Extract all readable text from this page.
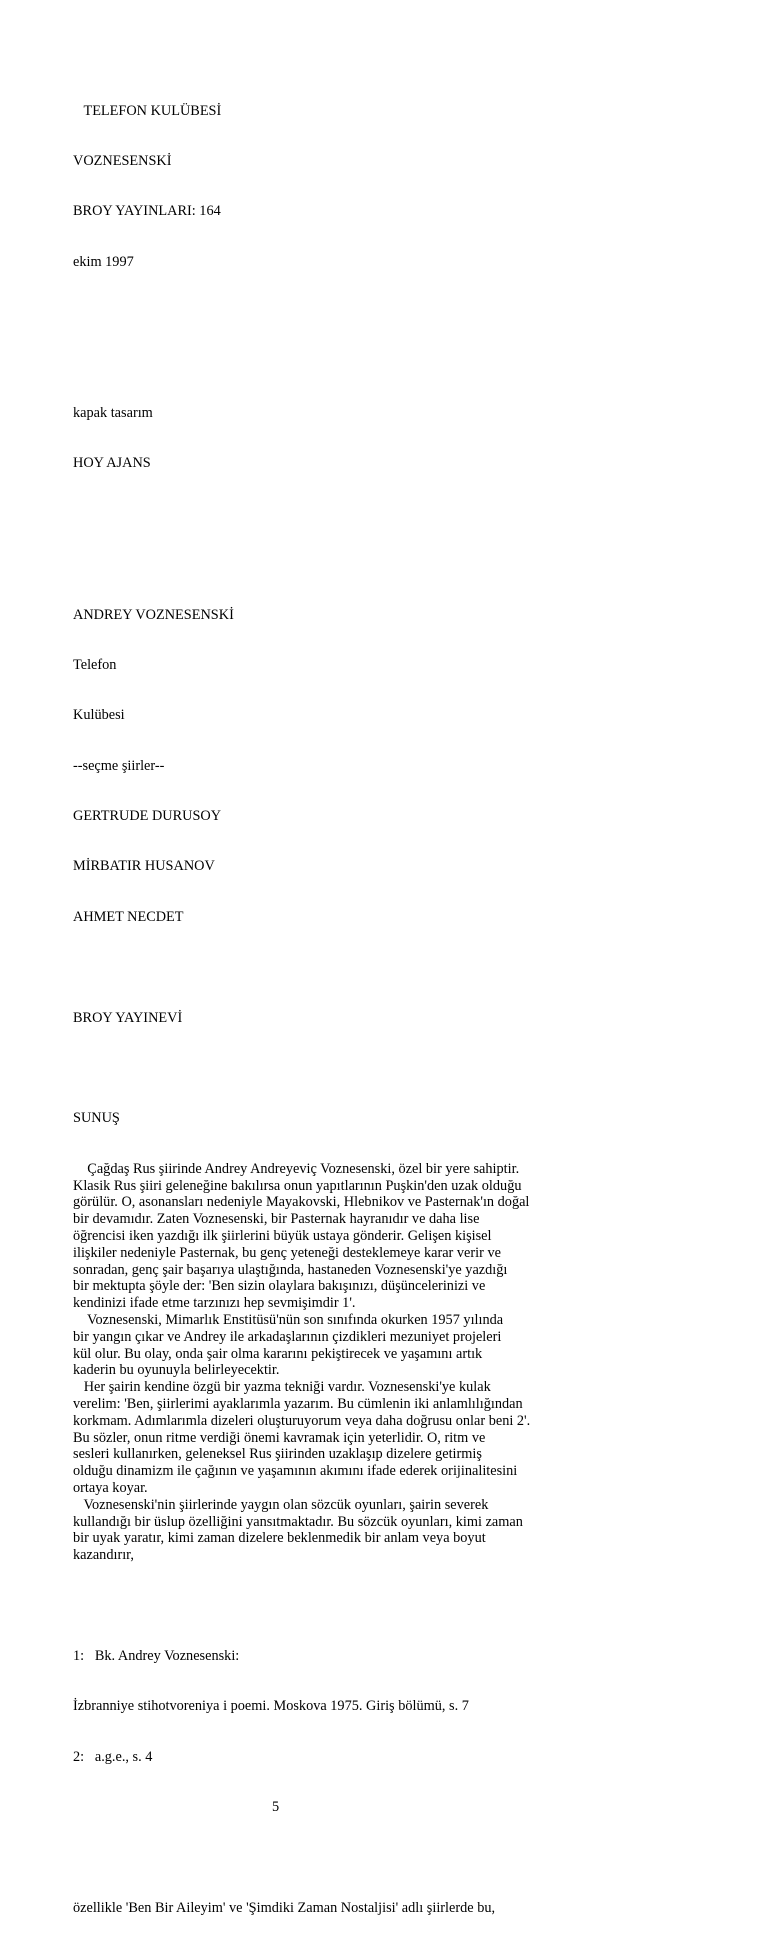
TELEFON KULÜBESİ

VOZNESENSKİ

BROY YAYINLARI: 164

ekim 1997

kapak tasarım

HOY AJANS

ANDREY VOZNESENSKİ

Telefon

Kulübesi

--seçme şiirler--

GERTRUDE DURUSOY

MİRBATIR HUSANOV

AHMET NECDET

BROY YAYINEVİ

SUNUŞ

Çağdaş Rus şiirinde Andrey Andreyeviç Voznesenski, özel bir yere sahiptir.
Klasik Rus şiiri geleneğine bakılırsa onun yapıtlarının Puşkin'den uzak olduğu
görülür. O, asonansları nedeniyle Mayakovski, Hlebnikov ve Pasternak'ın doğal
bir devamıdır. Zaten Voznesenski, bir Pasternak hayranıdır ve daha lise
öğrencisi iken yazdığı ilk şiirlerini büyük ustaya gönderir. Gelişen kişisel
ilişkiler nedeniyle Pasternak, bu genç yeteneği desteklemeye karar verir ve
sonradan, genç şair başarıya ulaştığında, hastaneden Voznesenski'ye yazdığı
bir mektupta şöyle der: 'Ben sizin olaylara bakışınızı, düşüncelerinizi ve
kendinizi ifade etme tarzınızı hep sevmişimdir 1'.
Voznesenski, Mimarlık Enstitüsü'nün son sınıfında okurken 1957 yılında
bir yangın çıkar ve Andrey ile arkadaşlarının çizdikleri mezuniyet projeleri
kül olur. Bu olay, onda şair olma kararını pekiştirecek ve yaşamını artık
kaderin bu oyunuyla belirleyecektir.
Her şairin kendine özgü bir yazma tekniği vardır. Voznesenski'ye kulak
verelim: 'Ben, şiirlerimi ayaklarımla yazarım. Bu cümlenin iki anlamlılığından
korkmam. Adımlarımla dizeleri oluşturuyorum veya daha doğrusu onlar beni 2'.
Bu sözler, onun ritme verdiği önemi kavramak için yeterlidir. O, ritm ve
sesleri kullanırken, geleneksel Rus şiirinden uzaklaşıp dizelere getirmiş
olduğu dinamizm ile çağının ve yaşamının akımını ifade ederek orijinalitesini
ortaya koyar.
Voznesenski'nin şiirlerinde yaygın olan sözcük oyunları, şairin severek
kullandığı bir üslup özelliğini yansıtmaktadır. Bu sözcük oyunları, kimi zaman
bir uyak yaratır, kimi zaman dizelere beklenmedik bir anlam veya boyut
kazandırır,

1:   Bk. Andrey Voznesenski:

İzbranniye stihotvoreniya i poemi. Moskova 1975. Giriş bölümü, s. 7

2:   a.g.e., s. 4

5

özellikle 'Ben Bir Aileyim' ve 'Şimdiki Zaman Nostaljisi' adlı şiirlerde bu,
